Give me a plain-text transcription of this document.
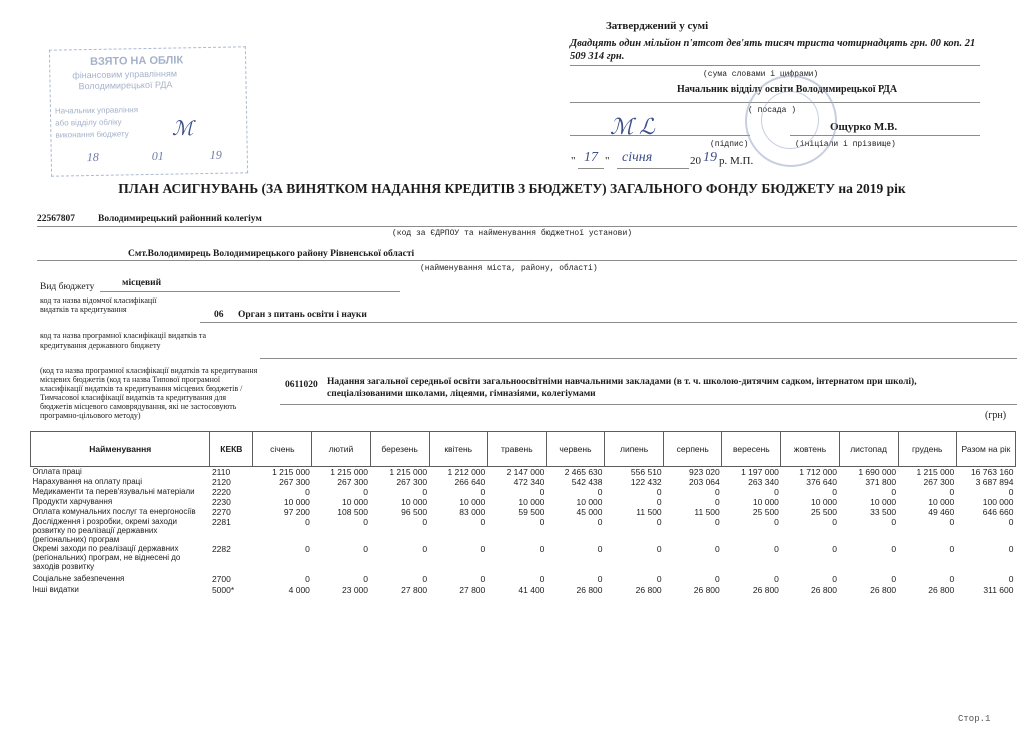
ВЗЯТО НА ОБЛІК
фінансовим управлінням
Володимирецької РДА
Начальник управління
або відділу обліку
виконання бюджету
18	01	19
ℳ
Затверджений у сумі
Двадцять один мільйон п'ятсот дев'ять тисяч триста чотирнадцять грн. 00 коп. 21 509 314 грн.
(сума словами і цифрами)
Начальник відділу освіти Володимирецької РДА
( посада )
ℳ ℒ	Ощурко М.В.
(підпис)	(ініціали і прізвище)
" 17 " січня	20 19 р. М.П.
ПЛАН АСИГНУВАНЬ (ЗА ВИНЯТКОМ НАДАННЯ КРЕДИТІВ З БЮДЖЕТУ) ЗАГАЛЬНОГО ФОНДУ БЮДЖЕТУ на 2019 рік
22567807 Володимирецький районний колегіум
(код за ЄДРПОУ та найменування бюджетної установи)
Смт.Володимирець Володимирецького району Рівненської області
(найменування міста, району, області)
Вид бюджету	місцевий
код та назва відомчої класифікації
видатків та кредитування
06 Орган з питань освіти і науки
код та назва програмної класифікації видатків та
кредитування державного бюджету
(код та назва програмної класифікації видатків та кредитування місцевих бюджетів (код та назва Типової програмної класифікації видатків та кредитування місцевих бюджетів / Тимчасової класифікації видатків та кредитування для бюджетів місцевого самоврядування, які не застосовують програмно-цільового методу)
0611020 Надання загальної середньої освіти загальноосвітніми навчальними закладами (в т. ч. школою-дитячим садком, інтернатом при школі), спеціалізованими школами, ліцеями, гімназіями, колегіумами
(грн)
Найменування	КЕКВ	січень	лютий	березень	квітень	травень	червень	липень	серпень	вересень	жовтень	листопад	грудень	Разом на рік
Оплата праці	2110	1 215 000	1 215 000	1 215 000	1 212 000	2 147 000	2 465 630	556 510	923 020	1 197 000	1 712 000	1 690 000	1 215 000	16 763 160
Нарахування на оплату праці	2120	267 300	267 300	267 300	266 640	472 340	542 438	122 432	203 064	263 340	376 640	371 800	267 300	3 687 894
Медикаменти та перев'язувальні матеріали	2220	0	0	0	0	0	0	0	0	0	0	0	0	0
Продукти харчування	2230	10 000	10 000	10 000	10 000	10 000	10 000	0	0	10 000	10 000	10 000	10 000	100 000
Оплата комунальних послуг та енергоносіїв	2270	97 200	108 500	96 500	83 000	59 500	45 000	11 500	11 500	25 500	25 500	33 500	49 460	646 660
Дослідження і розробки, окремі заходи розвитку по реалізації державних (регіональних) програм	2281	0	0	0	0	0	0	0	0	0	0	0	0	0
Окремі заходи по реалізації державних (регіональних) програм, не віднесені до заходів розвитку	2282	0	0	0	0	0	0	0	0	0	0	0	0	0
Соціальне забезпечення	2700	0	0	0	0	0	0	0	0	0	0	0	0	0
Інші видатки	5000*	4 000	23 000	27 800	27 800	41 400	26 800	26 800	26 800	26 800	26 800	26 800	26 800	311 600
Стор.1
